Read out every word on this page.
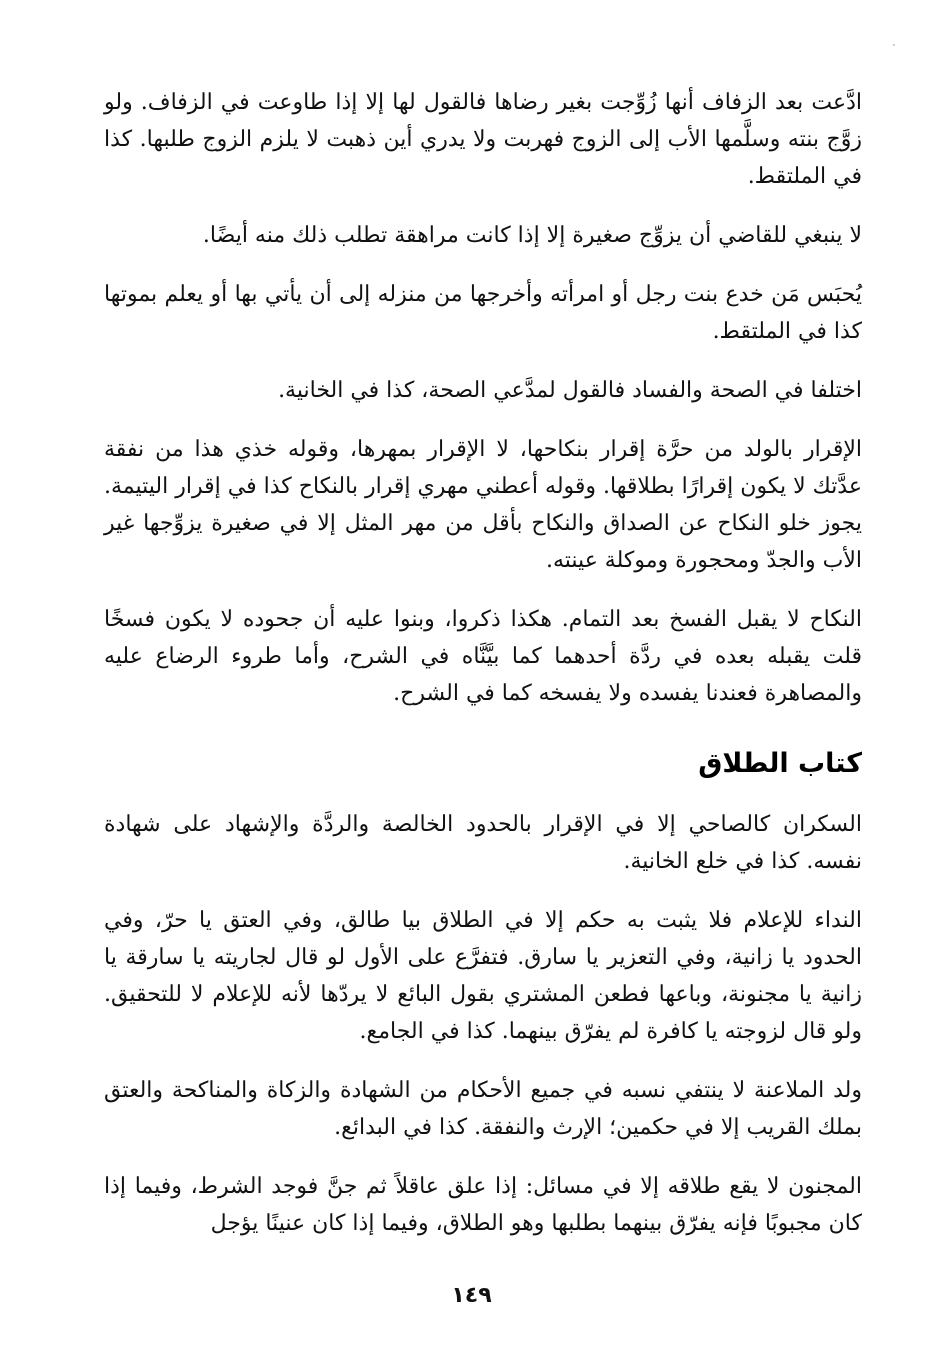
ادَّعت بعد الزفاف أنها زُوِّجت بغير رضاها فالقول لها إلا إذا طاوعت في الزفاف. ولو زوَّج بنته وسلَّمها الأب إلى الزوج فهربت ولا يدري أين ذهبت لا يلزم الزوج طلبها. كذا في الملتقط.

لا ينبغي للقاضي أن يزوِّج صغيرة إلا إذا كانت مراهقة تطلب ذلك منه أيضًا.

يُحبَس مَن خدع بنت رجل أو امرأته وأخرجها من منزله إلى أن يأتي بها أو يعلم بموتها كذا في الملتقط.

اختلفا في الصحة والفساد فالقول لمدَّعي الصحة، كذا في الخانية.

الإقرار بالولد من حرَّة إقرار بنكاحها، لا الإقرار بمهرها، وقوله خذي هذا من نفقة عدَّتك لا يكون إقرارًا بطلاقها. وقوله أعطني مهري إقرار بالنكاح كذا في إقرار اليتيمة. يجوز خلو النكاح عن الصداق والنكاح بأقل من مهر المثل إلا في صغيرة يزوِّجها غير الأب والجدّ ومحجورة وموكلة عينته.

النكاح لا يقبل الفسخ بعد التمام. هكذا ذكروا، وبنوا عليه أن جحوده لا يكون فسخًا قلت يقبله بعده في ردَّة أحدهما كما بيَّنَّاه في الشرح، وأما طروء الرضاع عليه والمصاهرة فعندنا يفسده ولا يفسخه كما في الشرح.

كتاب الطلاق

السكران كالصاحي إلا في الإقرار بالحدود الخالصة والردَّة والإشهاد على شهادة نفسه. كذا في خلع الخانية.

النداء للإعلام فلا يثبت به حكم إلا في الطلاق بيا طالق، وفي العتق يا حرّ، وفي الحدود يا زانية، وفي التعزير يا سارق. فتفرَّع على الأول لو قال لجاريته يا سارقة يا زانية يا مجنونة، وباعها فطعن المشتري بقول البائع لا يردّها لأنه للإعلام لا للتحقيق. ولو قال لزوجته يا كافرة لم يفرّق بينهما. كذا في الجامع.

ولد الملاعنة لا ينتفي نسبه في جميع الأحكام من الشهادة والزكاة والمناكحة والعتق بملك القريب إلا في حكمين؛ الإرث والنفقة. كذا في البدائع.

المجنون لا يقع طلاقه إلا في مسائل: إذا علق عاقلاً ثم جنَّ فوجد الشرط، وفيما إذا كان مجبوبًا فإنه يفرّق بينهما بطلبها وهو الطلاق، وفيما إذا كان عنينًا يؤجل

١٤٩
